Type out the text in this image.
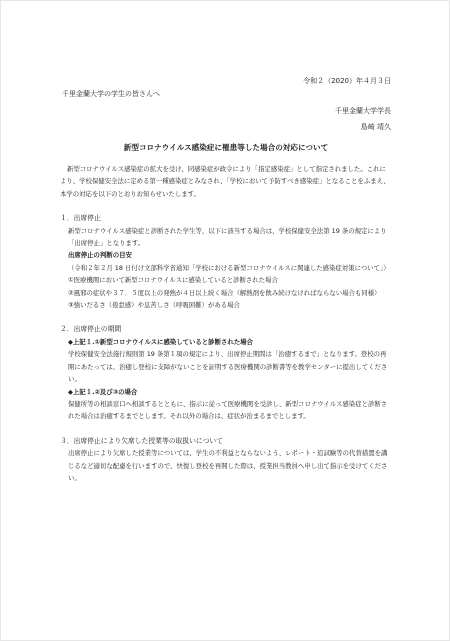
令和２（2020）年４月３日
千里金蘭大学の学生の皆さんへ
千里金蘭大学学長
島崎 靖久
新型コロナウイルス感染症に罹患等した場合の対応について

新型コロナウイルス感染症の拡大を受け、同感染症が政令により「指定感染症」として指定されました。これにより、学校保健安全法に定める第一種感染症とみなされ、「学校において予防すべき感染症」となることをふまえ、本学の対応を以下のとおりお知らせいたします。

１．出席停止

新型コロナウイルス感染症と診断された学生等、以下に該当する場合は、学校保健安全法第 19 条の規定により「出席停止」となります。

出席停止の判断の目安

（令和２年２月 18 日付け文部科学省通知「学校における新型コロナウイルスに関連した感染症対策について」）

①医療機関において新型コロナウイルスに感染していると診断された場合

②風邪の症状や３７．５度以上の発熱が４日以上続く場合（解熱剤を飲み続けなければならない場合も同様）

③強いだるさ（倦怠感）や息苦しさ（呼吸困難）がある場合

２．出席停止の期間

◆上記１.①新型コロナウイルスに感染していると診断された場合

学校保健安全法施行規則第 19 条第１項の規定により、出席停止期間は「治癒するまで」となります。登校の再開にあたっては、治癒し登校に支障がないことを証明する医療機関の診断書等を教学センターに提出してください。

◆上記１.②及び③の場合

保健所等の相談窓口へ相談するとともに、指示に従って医療機関を受診し、新型コロナウイルス感染症と診断された場合は治癒するまでとします。それ以外の場合は、症状が治まるまでとします。

３．出席停止により欠席した授業等の取扱いについて

出席停止により欠席した授業等については、学生の不利益とならないよう、レポート・追試験等の代替措置を講じるなど適切な配慮を行いますので、快復し登校を再開した際は、授業担当教員へ申し出て指示を受けてください。
